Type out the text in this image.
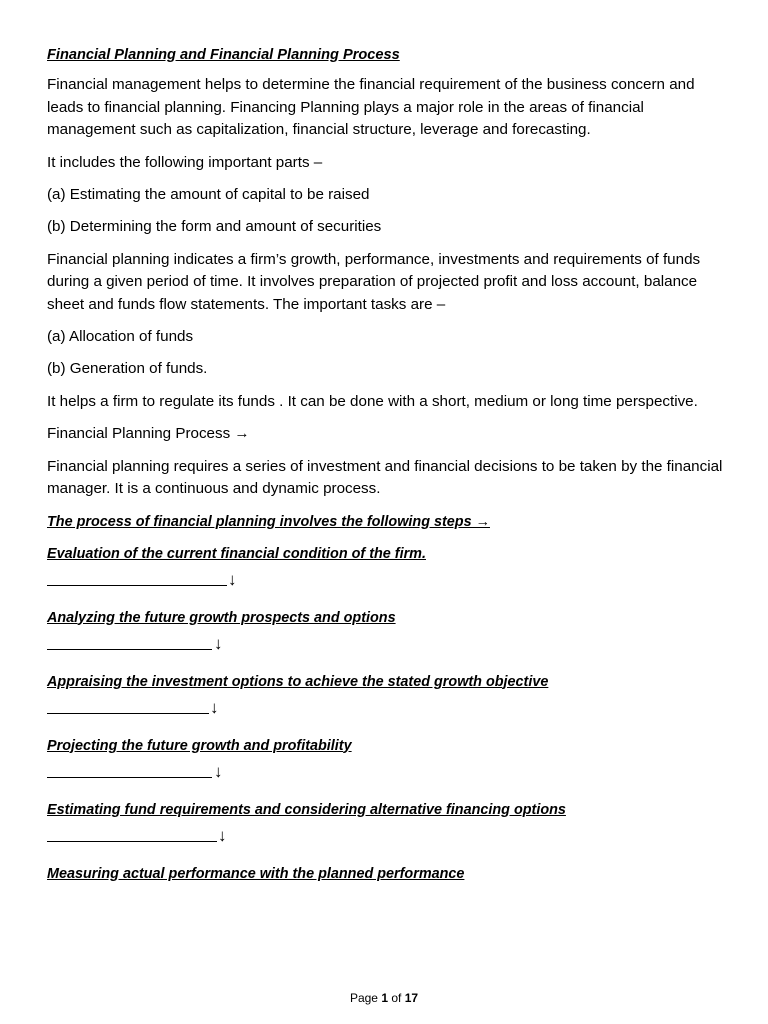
Financial Planning and Financial Planning Process

Financial management helps to determine the financial requirement of the business concern and leads to financial planning. Financing Planning plays a major role in the areas of financial management such as capitalization, financial structure, leverage and forecasting.

It includes the following important parts –

(a) Estimating the amount of capital to be raised

(b) Determining the form and amount of securities

Financial planning indicates a firm’s growth, performance, investments and requirements of funds during a given period of time. It involves preparation of projected profit and loss account, balance sheet and funds flow statements. The important tasks are –

(a) Allocation of funds

(b) Generation of funds.

It helps a firm to regulate its funds . It can be done with a short, medium or long time perspective.

Financial Planning Process →

Financial planning requires a series of investment and financial decisions to be taken by the financial manager. It is a continuous and dynamic process.

The process of financial planning involves the following steps →

Evaluation of the current financial condition of the firm.

↓

Analyzing the future growth prospects and options

↓

Appraising the investment options to achieve the stated growth objective

↓

Projecting the future growth and profitability

↓

Estimating fund requirements and considering alternative financing options

↓

Measuring actual performance with the planned performance

Page 1 of 17
